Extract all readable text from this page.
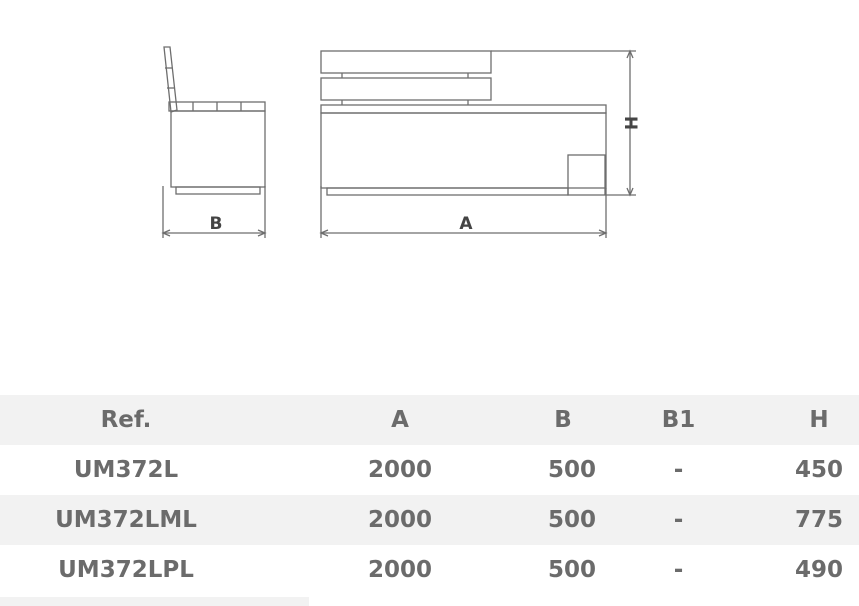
B	A
H
Ref.	A	B	B1	H
UM372L	2000	500	-	450
UM372LML	2000	500	-	775
UM372LPL	2000	500	-	490
